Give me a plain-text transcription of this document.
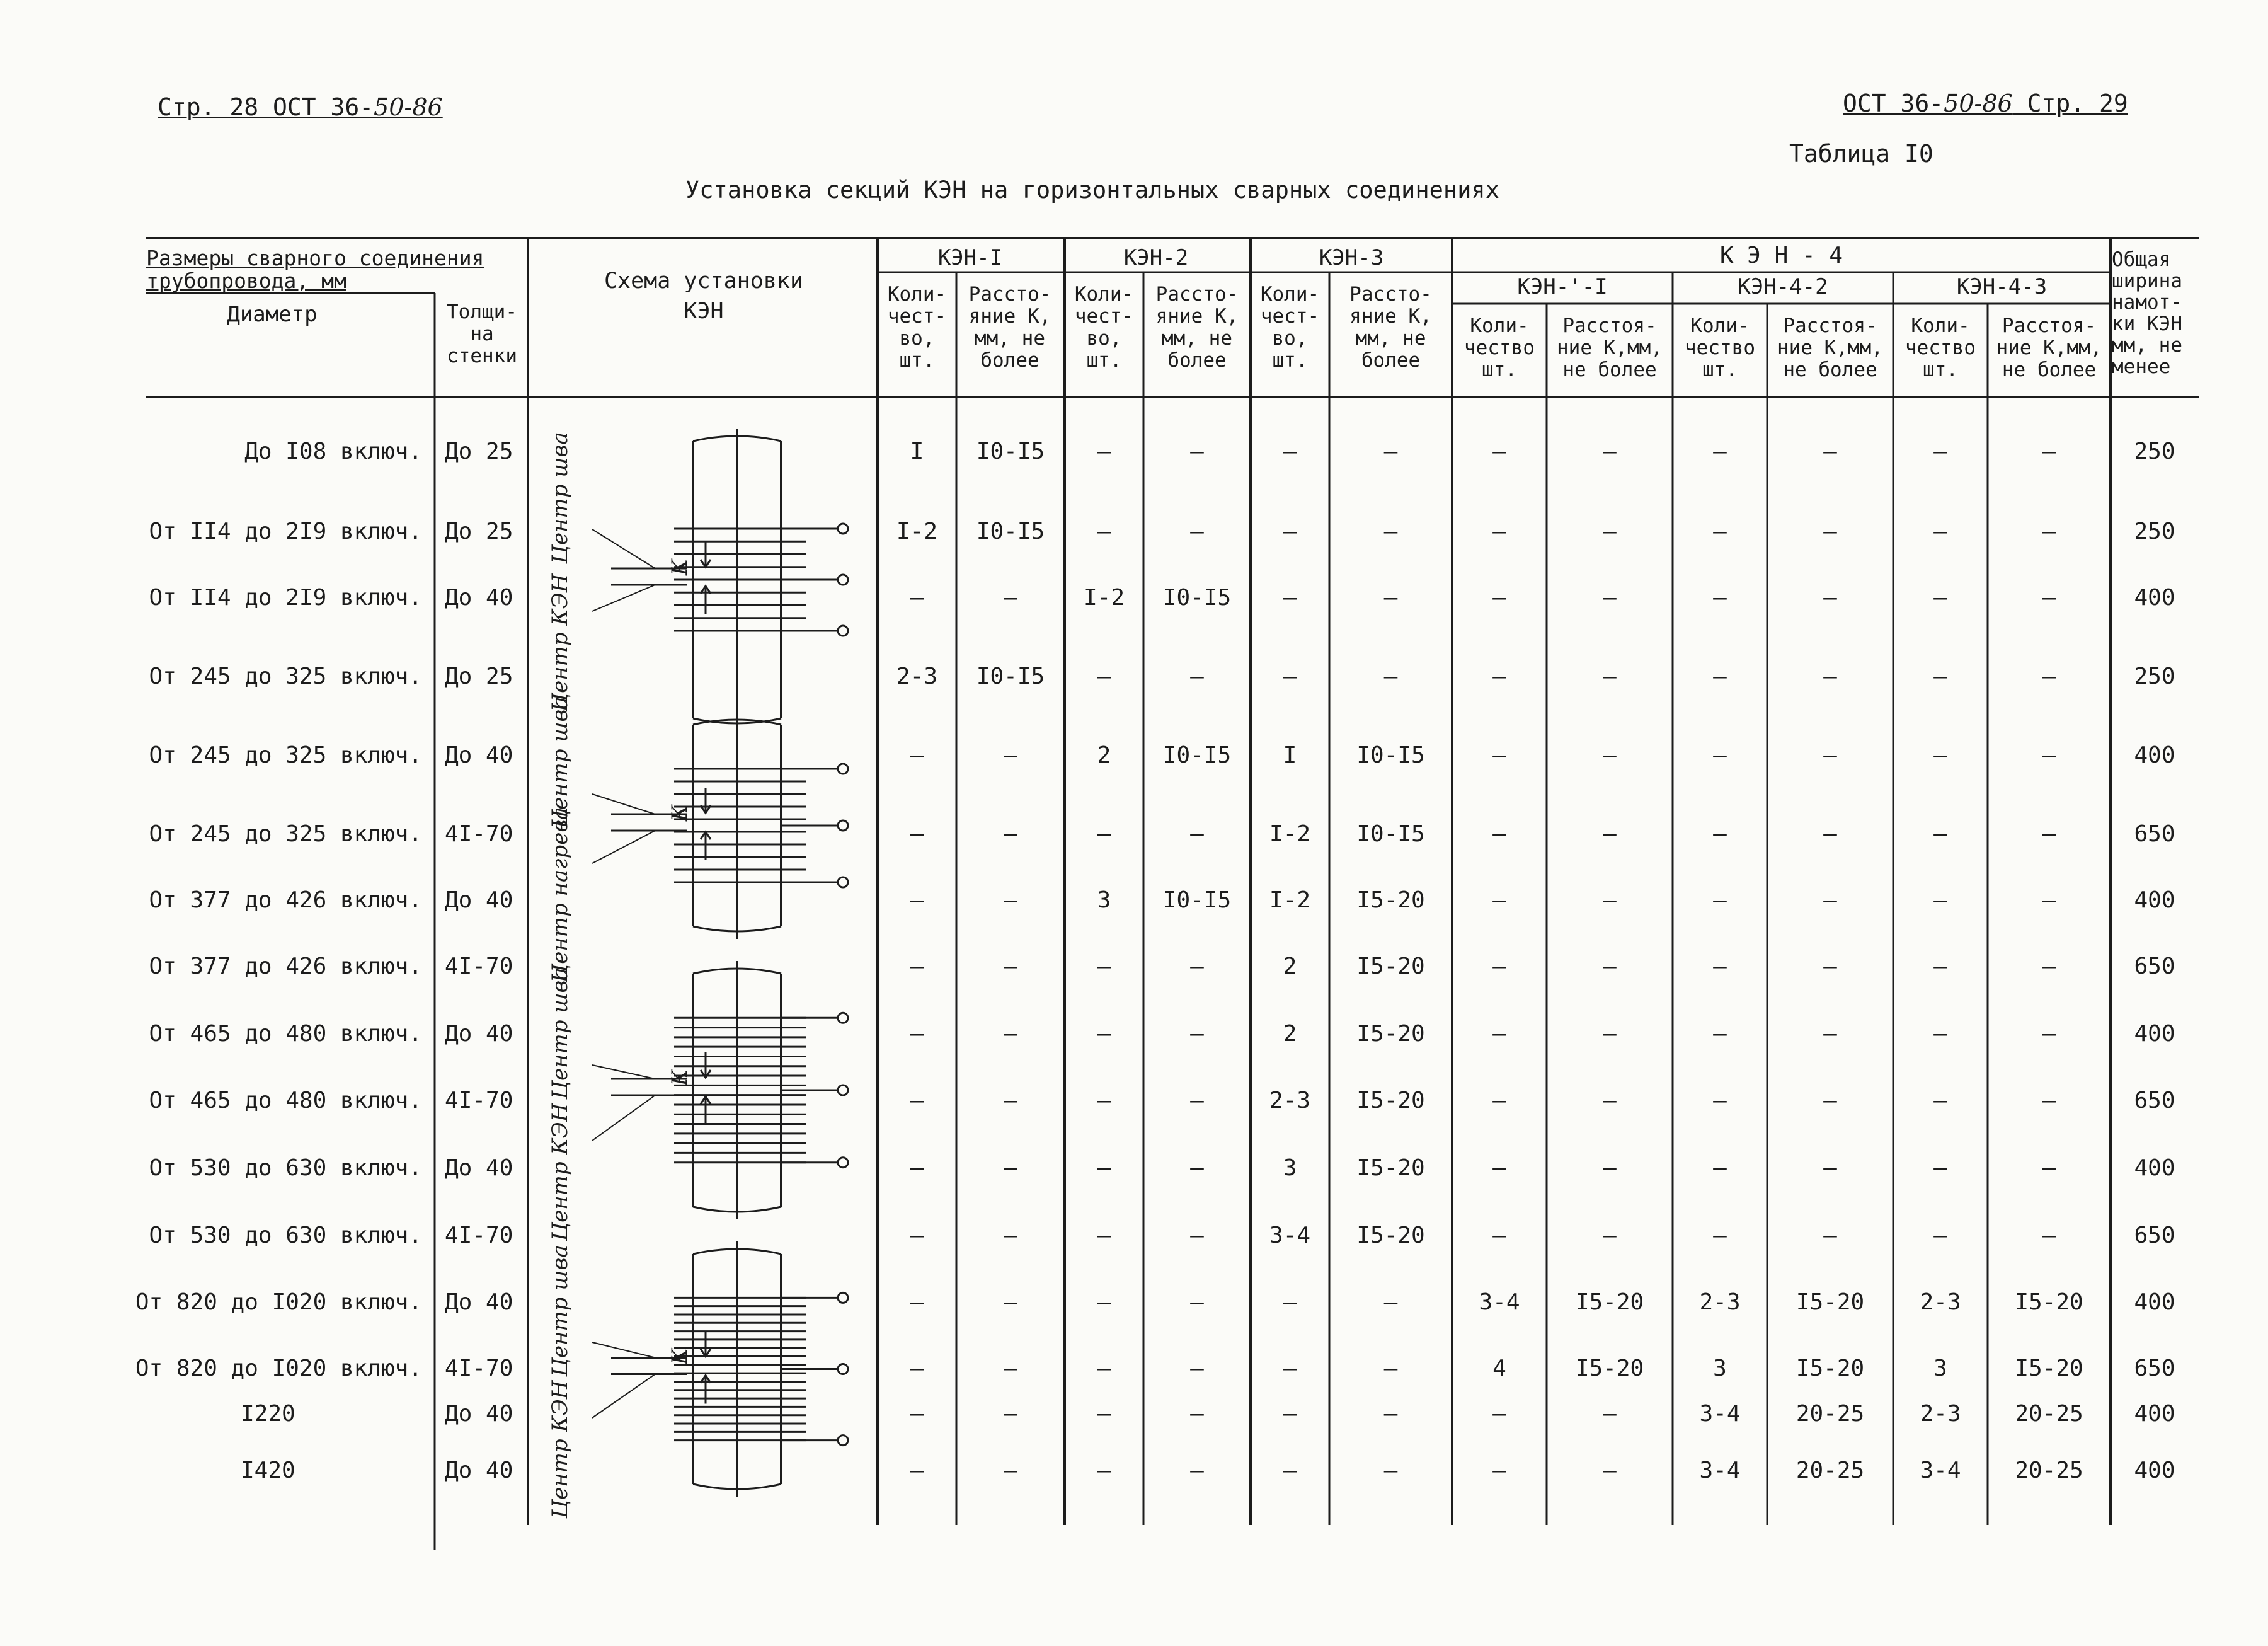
Стр. 28 ОСТ 36-50-86	ОСТ 36-50-86 Стр. 29
Таблица I0
Установка секций КЭН на горизонтальных сварных соединениях
Центр шва
Центр КЭН
К
Центр шва
Центр нагрева	К
Центр шва
Центр КЭН
К
Центр шва
Центр КЭН
К
Размеры сварного соединения трубопровода, мм
Диаметр	Толщи-
на
стенки
Схема установки
КЭН
КЭН-I	КЭН-2	КЭН-3	К Э Н - 4
КЭН-'-I	КЭН-4-2	КЭН-4-3
Коли-
чест-
во,
шт.
Рассто-
яние К,
мм, не
более
Коли-
чест-
во,
шт.
Рассто-
яние К,
мм, не
более
Коли-
чест-
во,
шт.
Рассто-
яние К,
мм, не
более
Коли-
чество
шт.
Расстоя-
ние К,мм,
не более
Коли-
чество
шт.
Расстоя-
ние К,мм,
не более
Коли-
чество
шт.
Расстоя-
ние К,мм,
не более
Общая
ширина
намот-
ки КЭН
мм, не
менее
До I08 включ. До 25	I	I0-I5	–	–	–	–	–	–	–	–	–	–	250
От II4 до 2I9 включ. До 25	I-2	I0-I5	–	–	–	–	–	–	–	–	–	–	250
От II4 до 2I9 включ. До 40	–	–	I-2	I0-I5	–	–	–	–	–	–	–	–	400
От 245 до 325 включ. До 25	2-3	I0-I5	–	–	–	–	–	–	–	–	–	–	250
От 245 до 325 включ. До 40	–	–	2	I0-I5	I	I0-I5	–	–	–	–	–	–	400
От 245 до 325 включ. 4I-70	–	–	–	–	I-2	I0-I5	–	–	–	–	–	–	650
От 377 до 426 включ. До 40	–	–	3	I0-I5	I-2	I5-20	–	–	–	–	–	–	400
От 377 до 426 включ. 4I-70	–	–	–	–	2	I5-20	–	–	–	–	–	–	650
От 465 до 480 включ. До 40	–	–	–	–	2	I5-20	–	–	–	–	–	–	400
От 465 до 480 включ. 4I-70	–	–	–	–	2-3	I5-20	–	–	–	–	–	–	650
От 530 до 630 включ. До 40	–	–	–	–	3	I5-20	–	–	–	–	–	–	400
От 530 до 630 включ. 4I-70	–	–	–	–	3-4	I5-20	–	–	–	–	–	–	650
От 820 до I020 включ. До 40	–	–	–	–	–	–	3-4	I5-20	2-3	I5-20	2-3	I5-20	400
От 820 до I020 включ. 4I-70	–	–	–	–	–	–	4	I5-20	3	I5-20	3	I5-20	650
I220	До 40	–	–	–	–	–	–	–	–	3-4	20-25	2-3	20-25	400
I420	До 40	–	–	–	–	–	–	–	–	3-4	20-25	3-4	20-25	400
